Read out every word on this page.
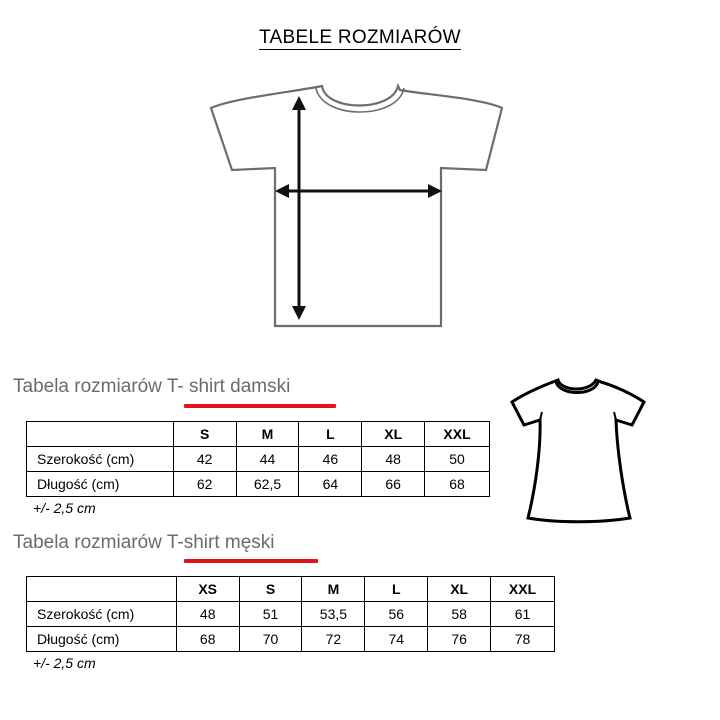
TABELE ROZMIARÓW
Tabela rozmiarów T- shirt damski
	S	M	L	XL	XXL
Szerokość (cm)	42	44	46	48	50
Długość (cm)	62	62,5	64	66	68
+/- 2,5 cm
Tabela rozmiarów T-shirt męski
	XS	S	M	L	XL	XXL
Szerokość (cm)	48	51	53,5	56	58	61
Długość (cm)	68	70	72	74	76	78
+/- 2,5 cm
